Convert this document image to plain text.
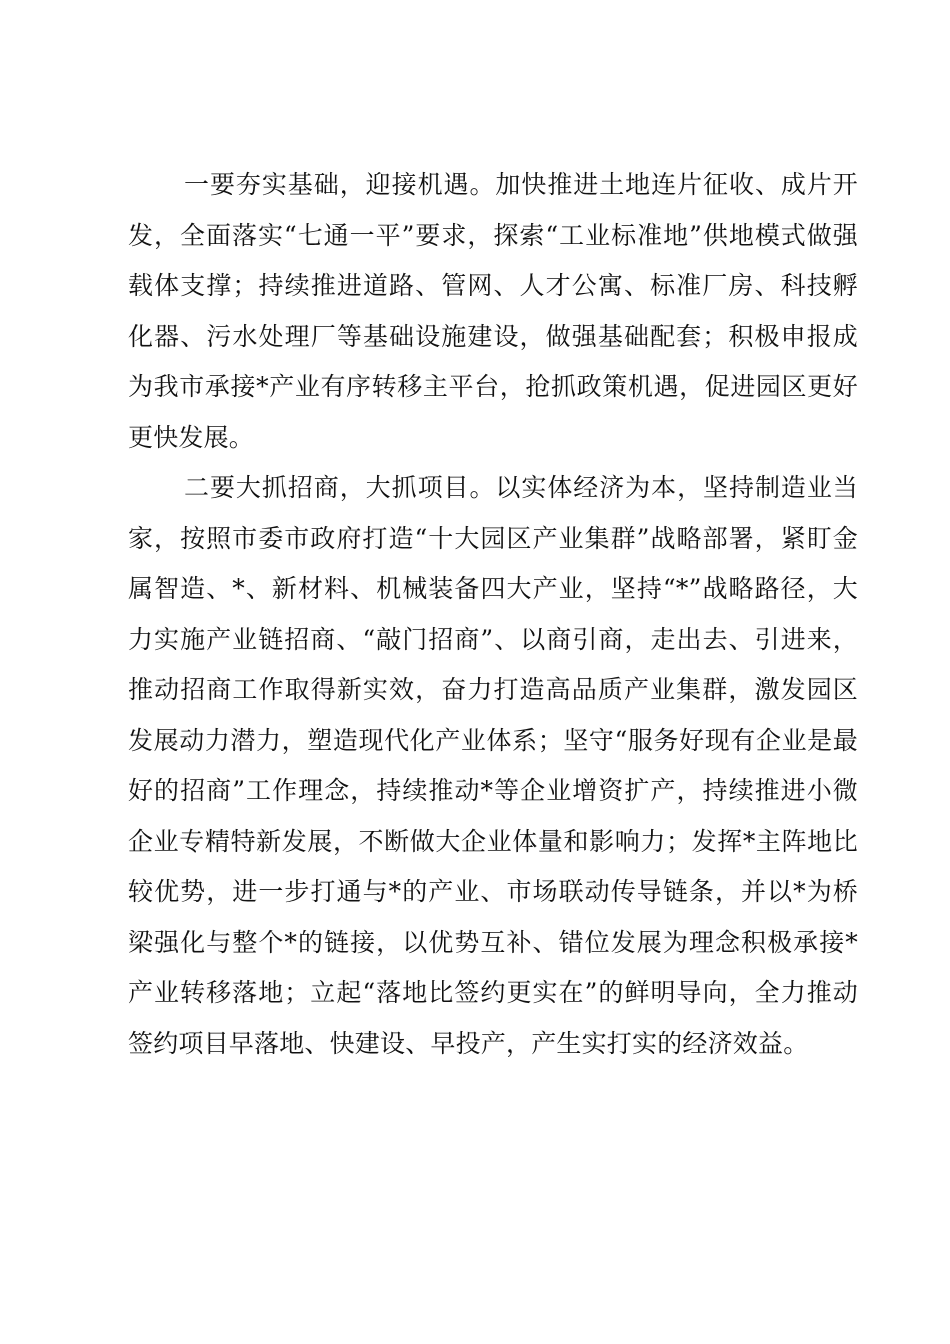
一要夯实基础，迎接机遇。加快推进土地连片征收、成片开发，全面落实“七通一平”要求，探索“工业标准地”供地模式做强载体支撑；持续推进道路、管网、人才公寓、标准厂房、科技孵化器、污水处理厂等基础设施建设，做强基础配套；积极申报成为我市承接*产业有序转移主平台，抢抓政策机遇，促进园区更好更快发展。

二要大抓招商，大抓项目。以实体经济为本，坚持制造业当家，按照市委市政府打造“十大园区产业集群”战略部署，紧盯金属智造、*、新材料、机械装备四大产业，坚持“*”战略路径，大力实施产业链招商、“敲门招商”、以商引商，走出去、引进来，推动招商工作取得新实效，奋力打造高品质产业集群，激发园区发展动力潜力，塑造现代化产业体系；坚守“服务好现有企业是最好的招商”工作理念，持续推动*等企业增资扩产，持续推进小微企业专精特新发展，不断做大企业体量和影响力；发挥*主阵地比较优势，进一步打通与*的产业、市场联动传导链条，并以*为桥梁强化与整个*的链接，以优势互补、错位发展为理念积极承接*产业转移落地；立起“落地比签约更实在”的鲜明导向，全力推动签约项目早落地、快建设、早投产，产生实打实的经济效益。
